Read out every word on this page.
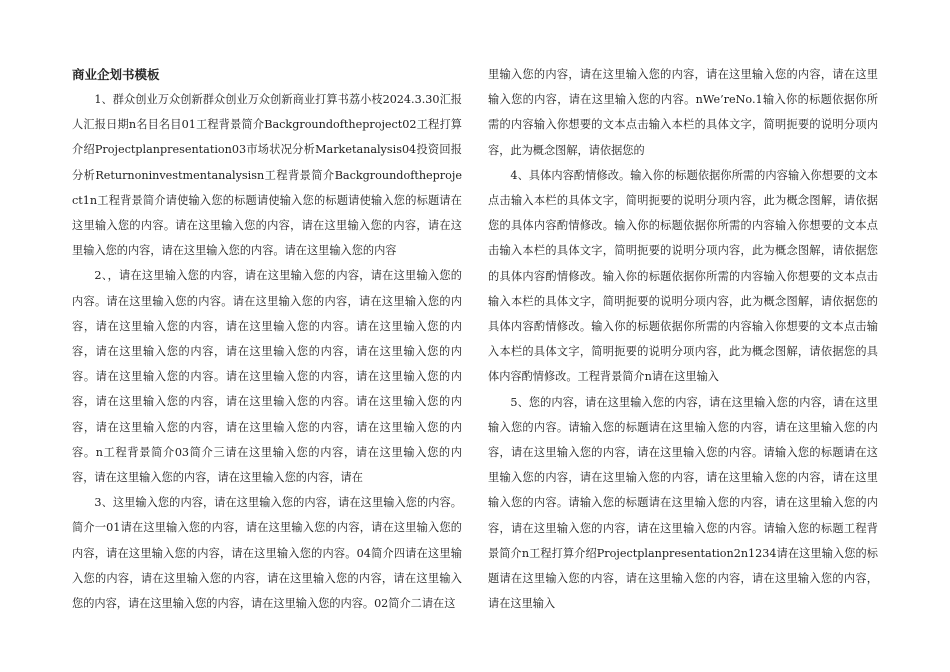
商业企划书模板

1、群众创业万众创新群众创业万众创新商业打算书荔小枝2024.3.30汇报人汇报日期n名目名目01工程背景简介Backgroundoftheproject02工程打算介绍Projectplanpresentation03市场状况分析Marketanalysis04投资回报分析Returnoninvestmentanalysisn工程背景简介Backgroundoftheproject1n工程背景简介请使输入您的标题请使输入您的标题请使输入您的标题请在这里输入您的内容。请在这里输入您的内容，请在这里输入您的内容，请在这里输入您的内容，请在这里输入您的内容。请在这里输入您的内容

2、，请在这里输入您的内容，请在这里输入您的内容，请在这里输入您的内容。请在这里输入您的内容。请在这里输入您的内容，请在这里输入您的内容，请在这里输入您的内容，请在这里输入您的内容。请在这里输入您的内容，请在这里输入您的内容，请在这里输入您的内容，请在这里输入您的内容。请在这里输入您的内容。请在这里输入您的内容，请在这里输入您的内容，请在这里输入您的内容，请在这里输入您的内容。请在这里输入您的内容，请在这里输入您的内容，请在这里输入您的内容，请在这里输入您的内容。n工程背景简介03简介三请在这里输入您的内容，请在这里输入您的内容，请在这里输入您的内容，请在这里输入您的内容，请在

3、这里输入您的内容，请在这里输入您的内容，请在这里输入您的内容。简介一01请在这里输入您的内容，请在这里输入您的内容，请在这里输入您的内容，请在这里输入您的内容，请在这里输入您的内容。04简介四请在这里输入您的内容，请在这里输入您的内容，请在这里输入您的内容，请在这里输入您的内容，请在这里输入您的内容，请在这里输入您的内容。02简介二请在这

里输入您的内容，请在这里输入您的内容，请在这里输入您的内容，请在这里输入您的内容，请在这里输入您的内容。nWe’reNo.1输入你的标题依据你所需的内容输入你想要的文本点击输入本栏的具体文字，简明扼要的说明分项内容，此为概念图解，请依据您的

4、具体内容酌情修改。输入你的标题依据你所需的内容输入你想要的文本点击输入本栏的具体文字，简明扼要的说明分项内容，此为概念图解，请依据您的具体内容酌情修改。输入你的标题依据你所需的内容输入你想要的文本点击输入本栏的具体文字，简明扼要的说明分项内容，此为概念图解，请依据您的具体内容酌情修改。输入你的标题依据你所需的内容输入你想要的文本点击输入本栏的具体文字，简明扼要的说明分项内容，此为概念图解，请依据您的具体内容酌情修改。输入你的标题依据你所需的内容输入你想要的文本点击输入本栏的具体文字，简明扼要的说明分项内容，此为概念图解，请依据您的具体内容酌情修改。工程背景简介n请在这里输入

5、您的内容，请在这里输入您的内容，请在这里输入您的内容，请在这里输入您的内容。请输入您的标题请在这里输入您的内容，请在这里输入您的内容，请在这里输入您的内容，请在这里输入您的内容。请输入您的标题请在这里输入您的内容，请在这里输入您的内容，请在这里输入您的内容，请在这里输入您的内容。请输入您的标题请在这里输入您的内容，请在这里输入您的内容，请在这里输入您的内容，请在这里输入您的内容。请输入您的标题工程背景简介n工程打算介绍Projectplanpresentation2n1234请在这里输入您的标题请在这里输入您的内容，请在这里输入您的内容，请在这里输入您的内容，请在这里输入
